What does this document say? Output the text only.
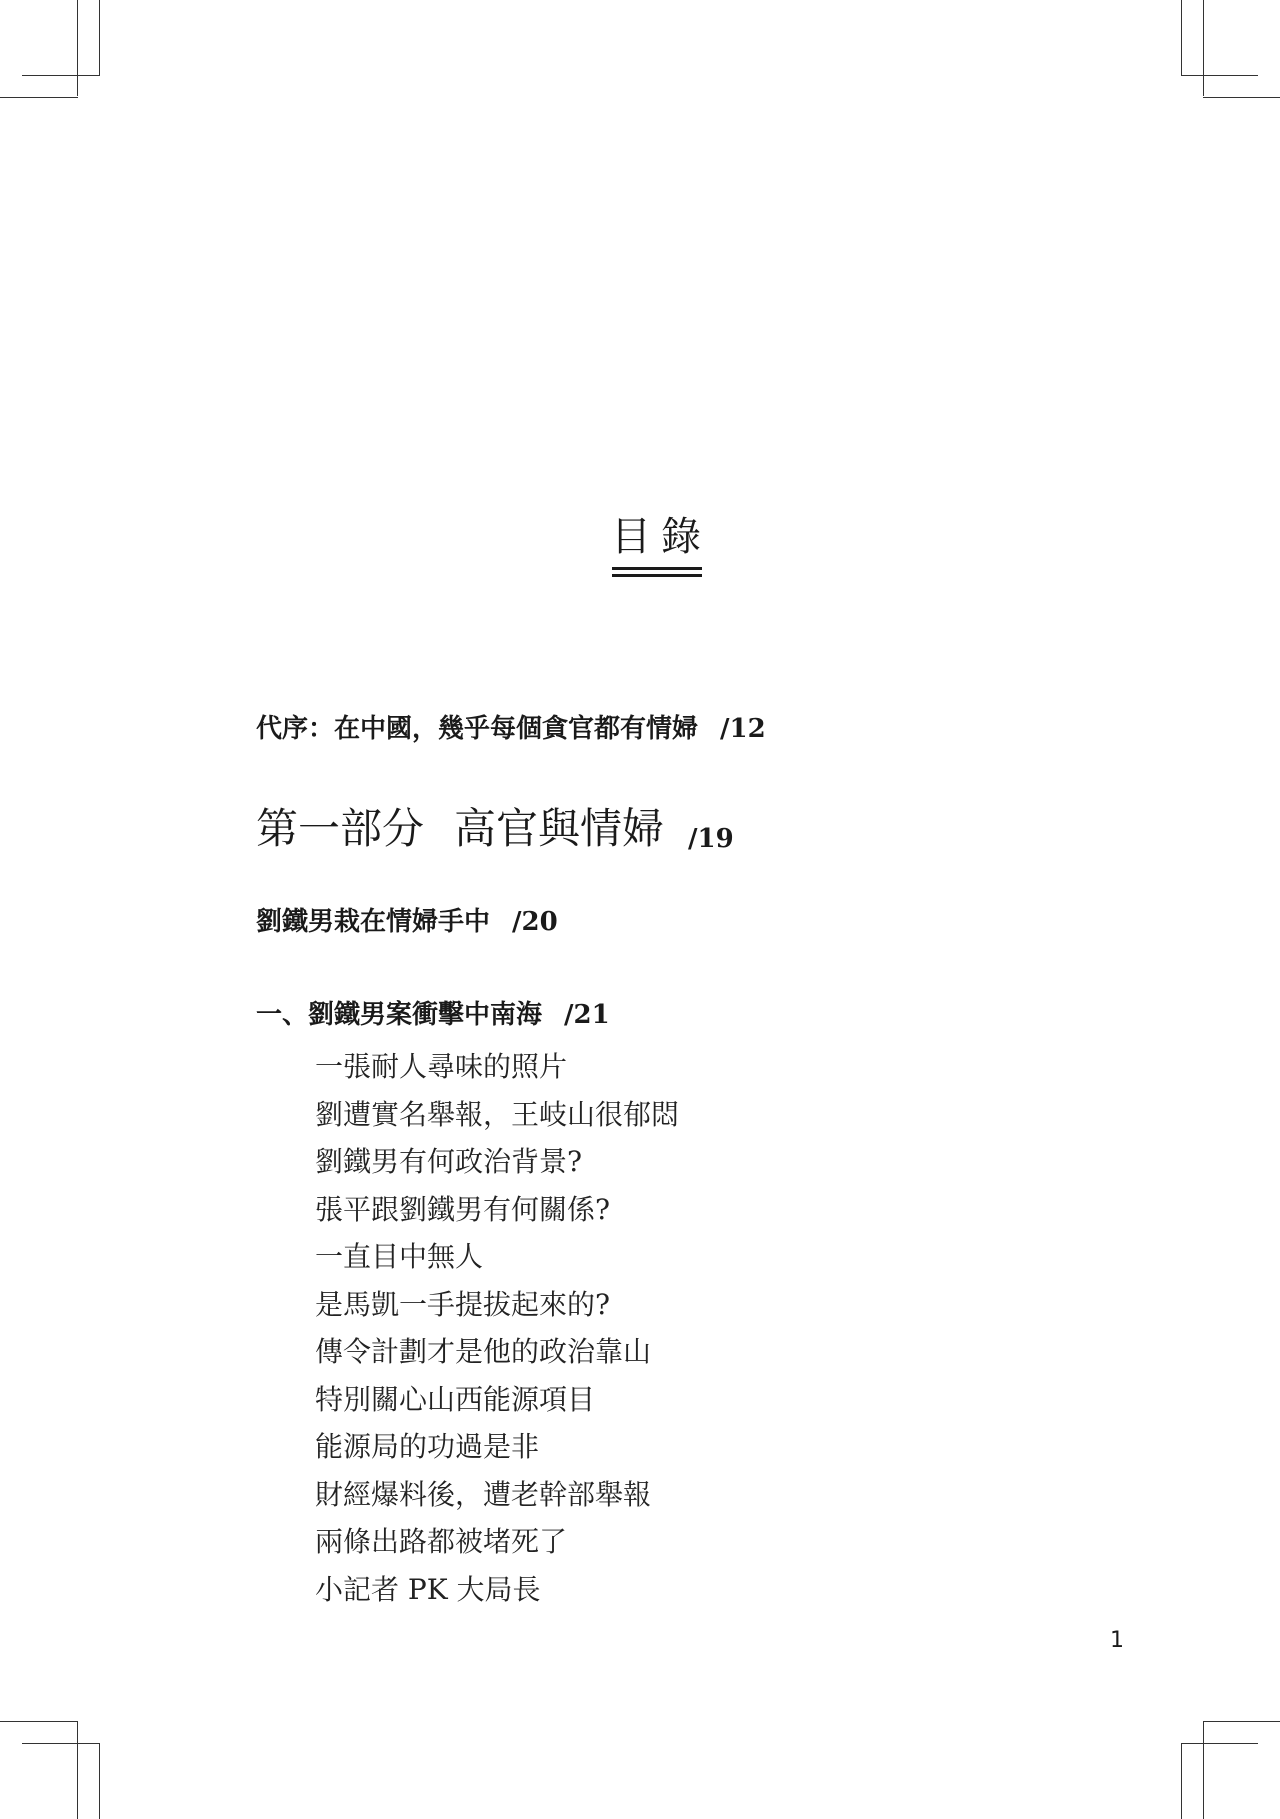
目錄

代序：在中國，幾乎每個貪官都有情婦 /12

第一部分 高官與情婦 /19

劉鐵男栽在情婦手中 /20

一、劉鐵男案衝擊中南海 /21

一張耐人尋味的照片
劉遭實名舉報，王岐山很郁悶
劉鐵男有何政治背景?
張平跟劉鐵男有何關係?
一直目中無人
是馬凱一手提拔起來的?
傳令計劃才是他的政治靠山
特別關心山西能源項目
能源局的功過是非
財經爆料後，遭老幹部舉報
兩條出路都被堵死了
小記者 PK 大局長
1
